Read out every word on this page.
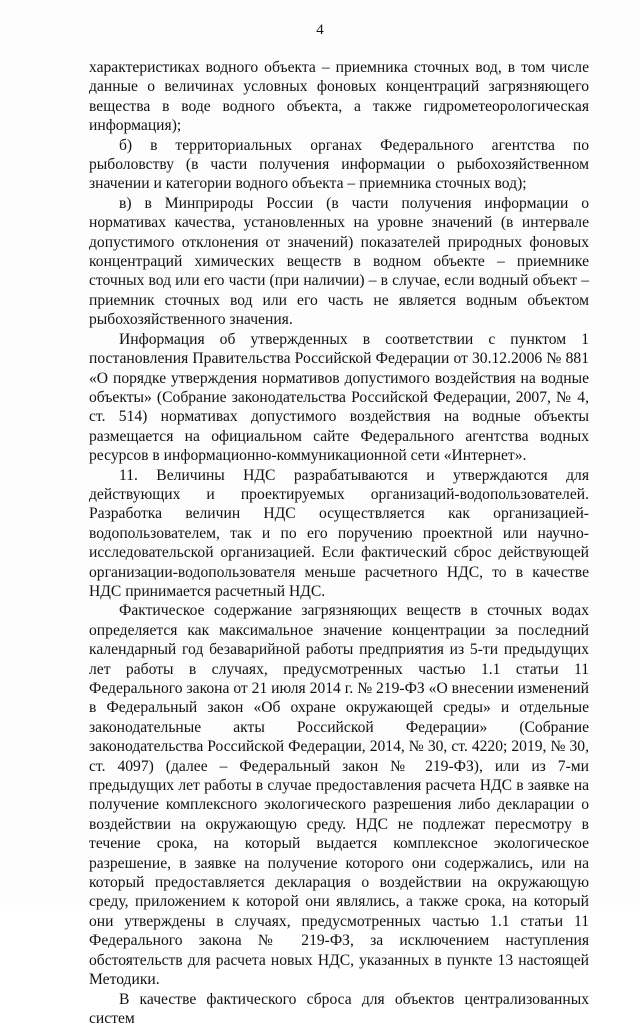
4

характеристиках водного объекта – приемника сточных вод, в том числе данные о величинах условных фоновых концентраций загрязняющего вещества в воде водного объекта, а также гидрометеорологическая информация);

б) в территориальных органах Федерального агентства по рыболовству (в части получения информации о рыбохозяйственном значении и категории водного объекта – приемника сточных вод);

в) в Минприроды России (в части получения информации о нормативах качества, установленных на уровне значений (в интервале допустимого отклонения от значений) показателей природных фоновых концентраций химических веществ в водном объекте – приемнике сточных вод или его части (при наличии) – в случае, если водный объект – приемник сточных вод или его часть не является водным объектом рыбохозяйственного значения.

Информация об утвержденных в соответствии с пунктом 1 постановления Правительства Российской Федерации от 30.12.2006 № 881 «О порядке утверждения нормативов допустимого воздействия на водные объекты» (Собрание законодательства Российской Федерации, 2007, № 4, ст. 514) нормативах допустимого воздействия на водные объекты размещается на официальном сайте Федерального агентства водных ресурсов в информационно-коммуникационной сети «Интернет».

11. Величины НДС разрабатываются и утверждаются для действующих и проектируемых организаций-водопользователей. Разработка величин НДС осуществляется как организацией-водопользователем, так и по его поручению проектной или научно-исследовательской организацией. Если фактический сброс действующей организации-водопользователя меньше расчетного НДС, то в качестве НДС принимается расчетный НДС.

Фактическое содержание загрязняющих веществ в сточных водах определяется как максимальное значение концентрации за последний календарный год безаварийной работы предприятия из 5-ти предыдущих лет работы в случаях, предусмотренных частью 1.1 статьи 11 Федерального закона от 21 июля 2014 г. № 219-ФЗ «О внесении изменений в Федеральный закон «Об охране окружающей среды» и отдельные законодательные акты Российской Федерации» (Собрание законодательства Российской Федерации, 2014, № 30, ст. 4220; 2019, № 30, ст. 4097) (далее – Федеральный закон № 219-ФЗ), или из 7-ми предыдущих лет работы в случае предоставления расчета НДС в заявке на получение комплексного экологического разрешения либо декларации о воздействии на окружающую среду. НДС не подлежат пересмотру в течение срока, на который выдается комплексное экологическое разрешение, в заявке на получение которого они содержались, или на который предоставляется декларация о воздействии на окружающую среду, приложением к которой они являлись, а также срока, на который они утверждены в случаях, предусмотренных частью 1.1 статьи 11 Федерального закона № 219-ФЗ, за исключением наступления обстоятельств для расчета новых НДС, указанных в пункте 13 настоящей Методики.

В качестве фактического сброса для объектов централизованных систем
